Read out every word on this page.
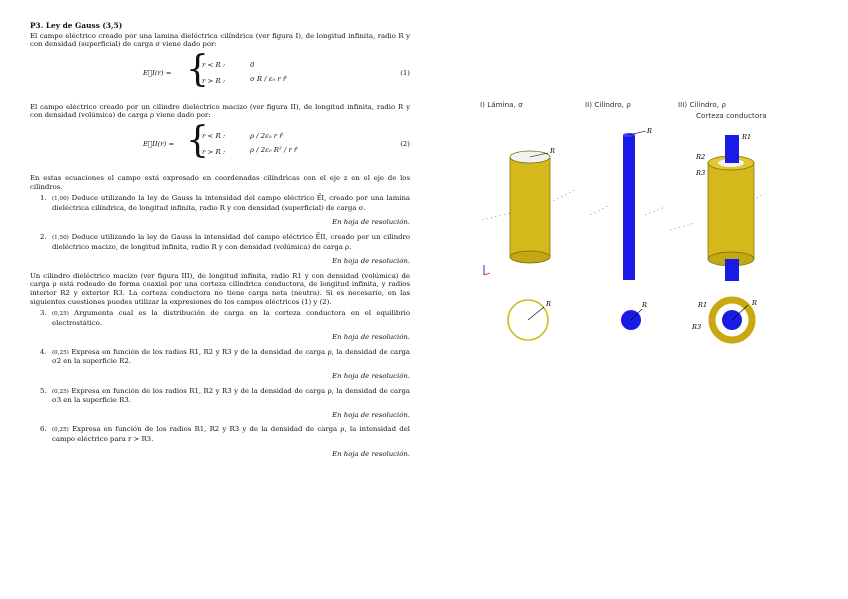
P3. Ley de Gauss (3,5)

El campo eléctrico creado por una lamina dieléctrica cilíndrica (ver figura I), de longitud infinita, radio R y con densidad (superficial) de carga σ viene dado por:

E⃗I(r) = {
r < R :	0
r > R :	σ R / ε₀ r r̂
(1)

El campo eléctrico creado por un cilindro dieléctrico macizo (ver figura II), de longitud infinita, radio R y con densidad (volúmica) de carga ρ viene dado por:

E⃗II(r) = {
r < R :	ρ / 2ε₀ r r̂
r > R :	ρ / 2ε₀ R² / r r̂
(2)

En estas ecuaciones el campo está expresado en coordenadas cilíndricas con el eje z en el eje de los cilindros.

1. (1,00) Deduce utilizando la ley de Gauss la intensidad del campo eléctrico E⃗I, creado por una lamina dieléctrica cilíndrica, de longitud infinita, radio R y con densidad (superficial) de carga σ.
En hoja de resolución.
2. (1,50) Deduce utilizando la ley de Gauss la intensidad del campo eléctrico E⃗II, creado por un cilindro dieléctrico macizo, de longitud infinita, radio R y con densidad (volúmica) de carga ρ.
En hoja de resolución.

Un cilindro dieléctrico macizo (ver figura III), de longitud infinita, radio R1 y con densidad (volúmica) de carga ρ está rodeado de forma coaxial por una corteza cilíndrica conductora, de longitud infinita, y radios interior R2 y exterior R3. La corteza conductora no tiene carga neta (neutra). Si es necesario, en las siguientes cuestiones puedes utilizar la expresiones de los campos eléctricos (1) y (2).

3. (0,25) Argumenta cual es la distribución de carga en la corteza conductora en el equilibrio electrostático.
En hoja de resolución.
4. (0,25) Expresa en función de los radios R1, R2 y R3 y de la densidad de carga ρ, la densidad de carga σ2 en la superficie R2.
En hoja de resolución.
5. (0,25) Expresa en función de los radios R1, R2 y R3 y de la densidad de carga ρ, la densidad de carga σ3 en la superficie R3.
En hoja de resolución.
6. (0,25) Expresa en función de los radios R1, R2 y R3 y de la densidad de carga ρ, la intensidad del campo eléctrico para r > R3.
En hoja de resolución.
I) Lámina, σ	II) Cilindro, ρ	III) Cilindro, ρ
Corteza conductora
R
R
R1
R2
R3
R	R	R
R1
R3
